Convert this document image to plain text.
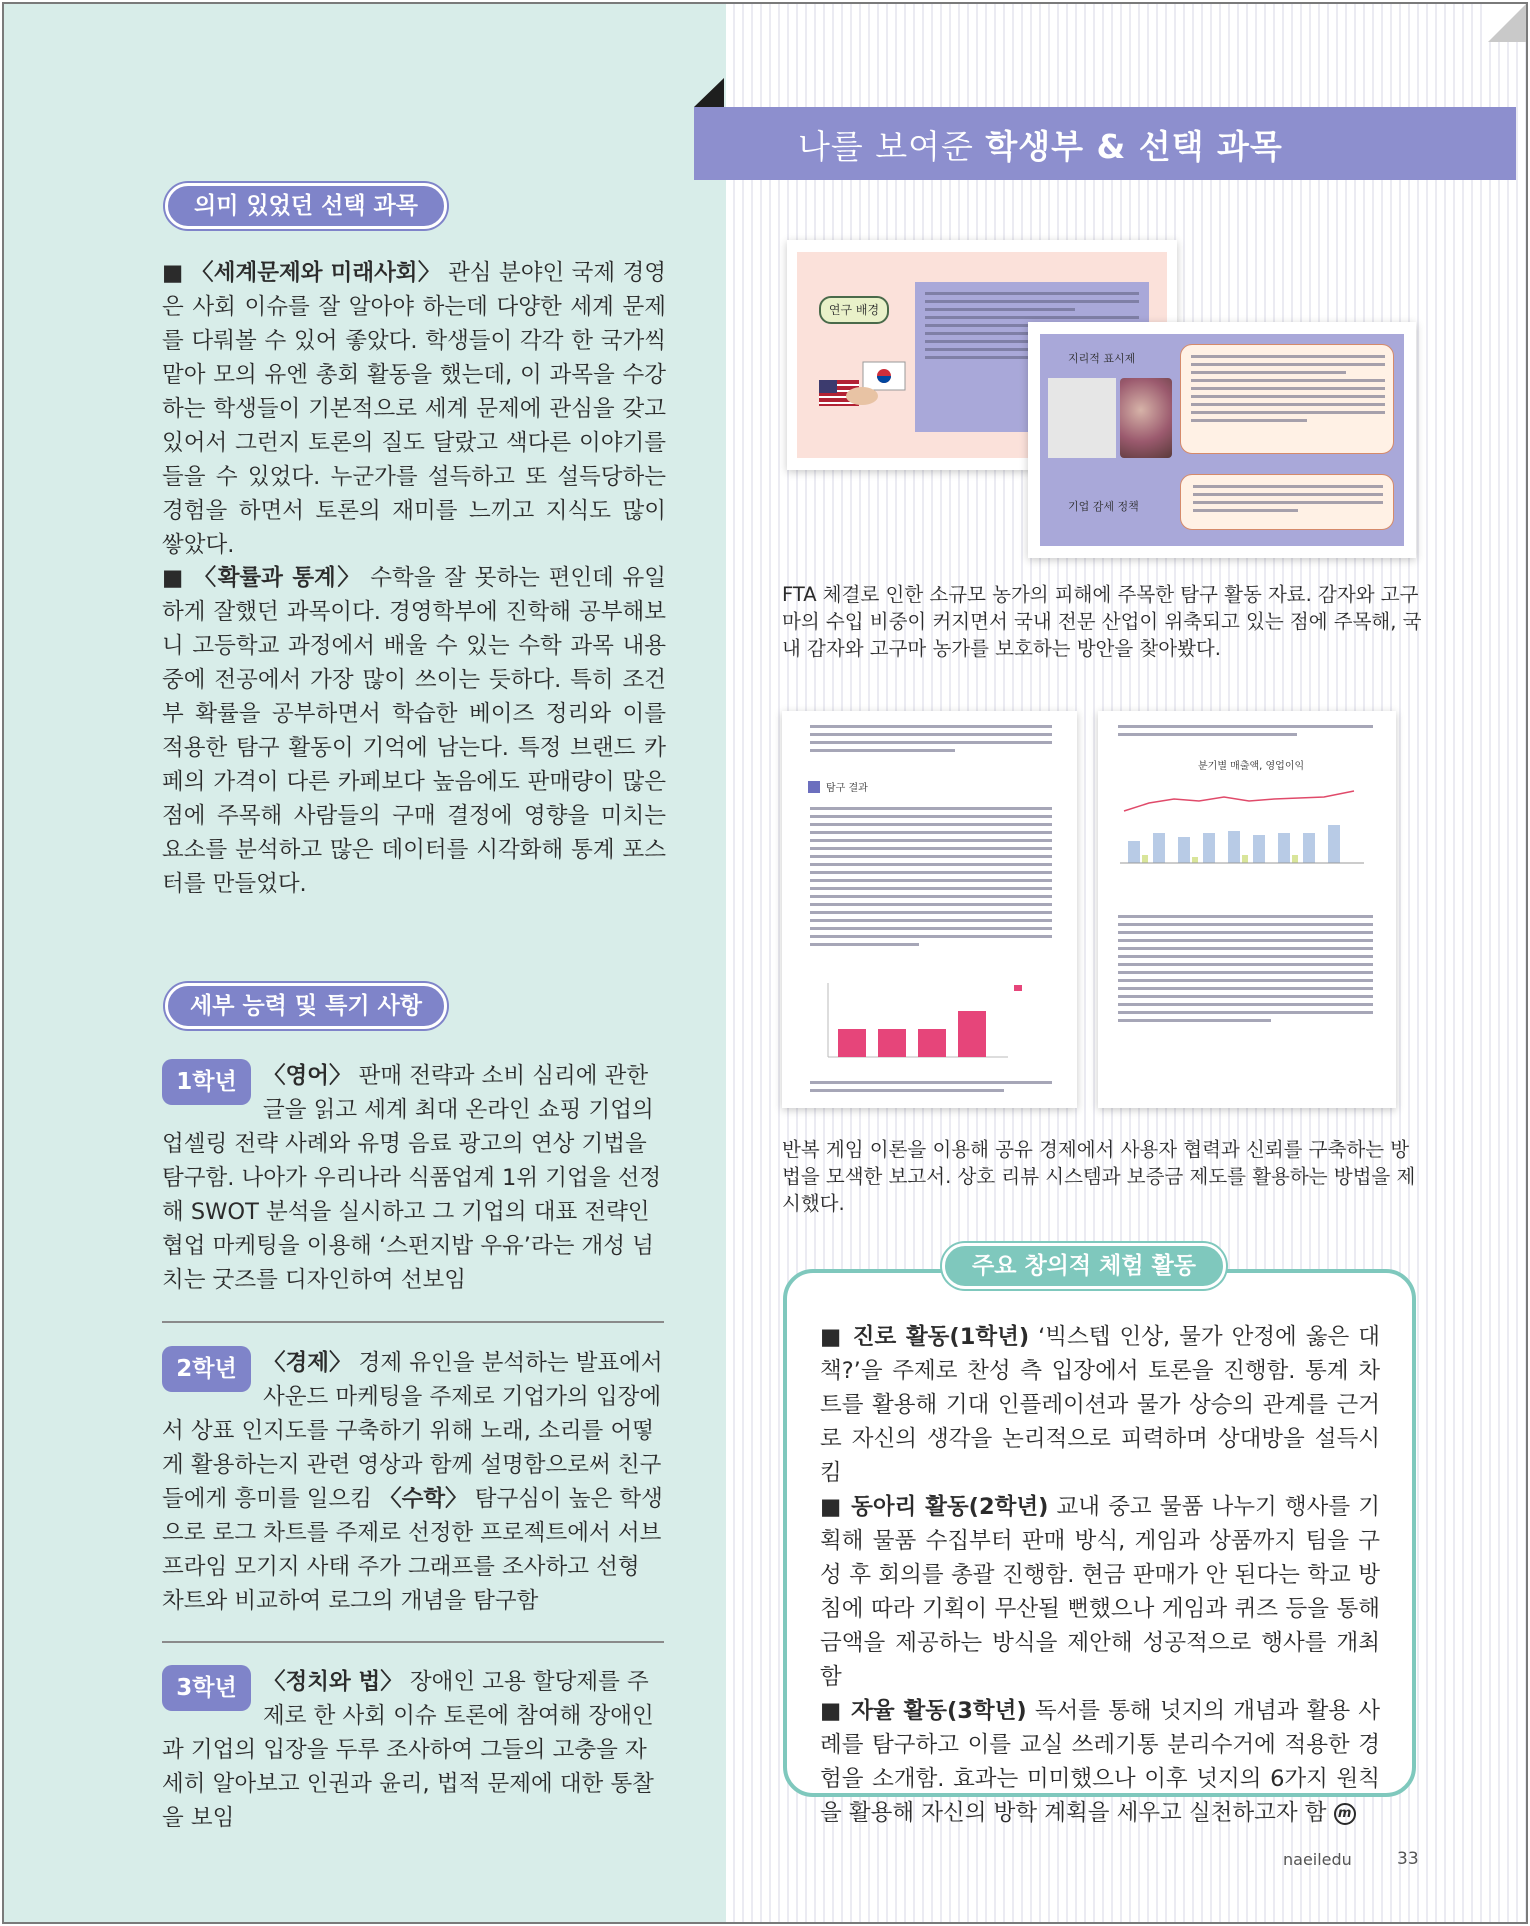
나를 보여준 학생부 & 선택 과목
의미 있었던 선택 과목
■ 〈세계문제와 미래사회〉 관심 분야인 국제 경영은 사회 이슈를 잘 알아야 하는데 다양한 세계 문제를 다뤄볼 수 있어 좋았다. 학생들이 각각 한 국가씩 맡아 모의 유엔 총회 활동을 했는데, 이 과목을 수강하는 학생들이 기본적으로 세계 문제에 관심을 갖고 있어서 그런지 토론의 질도 달랐고 색다른 이야기를 들을 수 있었다. 누군가를 설득하고 또 설득당하는 경험을 하면서 토론의 재미를 느끼고 지식도 많이 쌓았다.
■ 〈확률과 통계〉 수학을 잘 못하는 편인데 유일하게 잘했던 과목이다. 경영학부에 진학해 공부해보니 고등학교 과정에서 배울 수 있는 수학 과목 내용 중에 전공에서 가장 많이 쓰이는 듯하다. 특히 조건부 확률을 공부하면서 학습한 베이즈 정리와 이를 적용한 탐구 활동이 기억에 남는다. 특정 브랜드 카페의 가격이 다른 카페보다 높음에도 판매량이 많은 점에 주목해 사람들의 구매 결정에 영향을 미치는 요소를 분석하고 많은 데이터를 시각화해 통계 포스터를 만들었다.
세부 능력 및 특기 사항
1학년	〈영어〉 판매 전략과 소비 심리에 관한 글을 읽고 세계 최대 온라인 쇼핑 기업의 업셀링 전략 사례와 유명 음료 광고의 연상 기법을 탐구함. 나아가 우리나라 식품업계 1위 기업을 선정해 SWOT 분석을 실시하고 그 기업의 대표 전략인 협업 마케팅을 이용해 ‘스펀지밥 우유’라는 개성 넘치는 굿즈를 디자인하여 선보임
2학년	〈경제〉 경제 유인을 분석하는 발표에서 사운드 마케팅을 주제로 기업가의 입장에서 상표 인지도를 구축하기 위해 노래, 소리를 어떻게 활용하는지 관련 영상과 함께 설명함으로써 친구들에게 흥미를 일으킴 〈수학〉 탐구심이 높은 학생으로 로그 차트를 주제로 선정한 프로젝트에서 서브프라임 모기지 사태 주가 그래프를 조사하고 선형 차트와 비교하여 로그의 개념을 탐구함
3학년	〈정치와 법〉 장애인 고용 할당제를 주제로 한 사회 이슈 토론에 참여해 장애인과 기업의 입장을 두루 조사하여 그들의 고충을 자세히 알아보고 인권과 윤리, 법적 문제에 대한 통찰을 보임
연구 배경
지리적 표시제
기업 감세 정책
FTA 체결로 인한 소규모 농가의 피해에 주목한 탐구 활동 자료. 감자와 고구마의 수입 비중이 커지면서 국내 전문 산업이 위축되고 있는 점에 주목해, 국내 감자와 고구마 농가를 보호하는 방안을 찾아봤다.
탐구 결과
분기별 매출액, 영업이익
반복 게임 이론을 이용해 공유 경제에서 사용자 협력과 신뢰를 구축하는 방법을 모색한 보고서. 상호 리뷰 시스템과 보증금 제도를 활용하는 방법을 제시했다.
주요 창의적 체험 활동
■ 진로 활동(1학년) ‘빅스텝 인상, 물가 안정에 옳은 대책?’을 주제로 찬성 측 입장에서 토론을 진행함. 통계 차트를 활용해 기대 인플레이션과 물가 상승의 관계를 근거로 자신의 생각을 논리적으로 피력하며 상대방을 설득시킴
■ 동아리 활동(2학년) 교내 중고 물품 나누기 행사를 기획해 물품 수집부터 판매 방식, 게임과 상품까지 팀을 구성 후 회의를 총괄 진행함. 현금 판매가 안 된다는 학교 방침에 따라 기획이 무산될 뻔했으나 게임과 퀴즈 등을 통해 금액을 제공하는 방식을 제안해 성공적으로 행사를 개최함
■ 자율 활동(3학년) 독서를 통해 넛지의 개념과 활용 사례를 탐구하고 이를 교실 쓰레기통 분리수거에 적용한 경험을 소개함. 효과는 미미했으나 이후 넛지의 6가지 원칙을 활용해 자신의 방학 계획을 세우고 실천하고자 함 m
naeiledu	33
